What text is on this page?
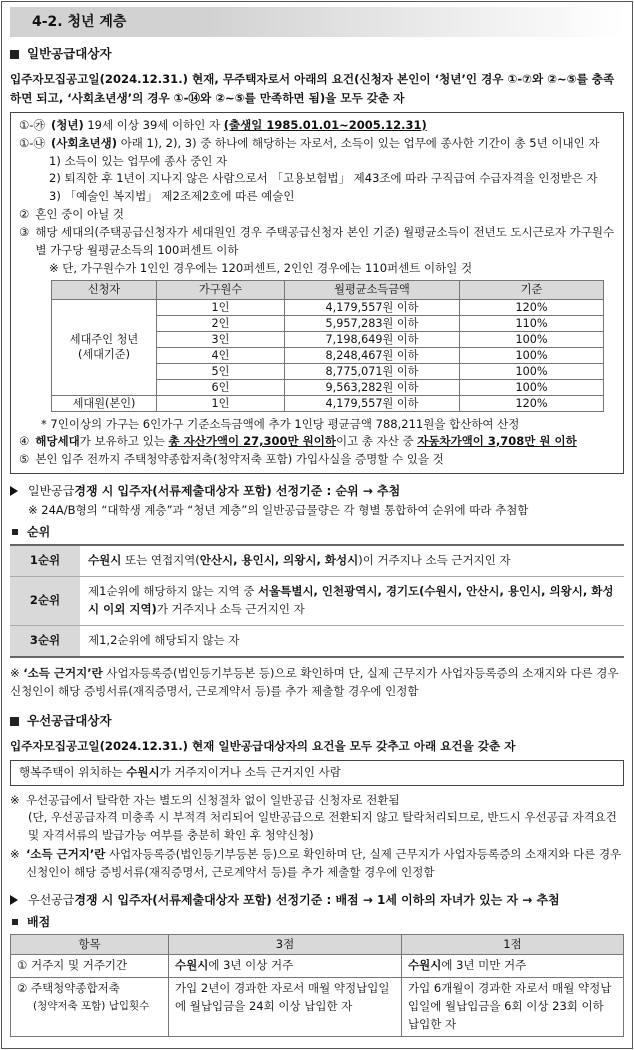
4-2. 청년 계층
일반공급대상자
입주자모집공고일(2024.12.31.) 현재, 무주택자로서 아래의 요건(신청자 본인이 ‘청년’인 경우 ①-⑦와 ②~⑤를 충족하면 되고, ‘사회초년생’의 경우 ①-⑭와 ②~⑤를 만족하면 됨)을 모두 갖춘 자
①-㉮ (청년) 19세 이상 39세 이하인 자 (출생일 1985.01.01~2005.12.31)
①-㉯ (사회초년생) 아래 1), 2), 3) 중 하나에 해당하는 자로서, 소득이 있는 업무에 종사한 기간이 총 5년 이내인 자
1) 소득이 있는 업무에 종사 중인 자
2) 퇴직한 후 1년이 지나지 않은 사람으로서 「고용보험법」 제43조에 따라 구직급여 수급자격을 인정받은 자
3) 「예술인 복지법」 제2조제2호에 따른 예술인
② 혼인 중이 아닐 것
③ 해당 세대의(주택공급신청자가 세대원인 경우 주택공급신청자 본인 기준) 월평균소득이 전년도 도시근로자 가구원수별 가구당 월평균소득의 100퍼센트 이하
※ 단, 가구원수가 1인인 경우에는 120퍼센트, 2인인 경우에는 110퍼센트 이하일 것
신청자	가구원수	월평균소득금액	기준

세대주인 청년
(세대기준)	1인	4,179,557원 이하	120%
	2인	5,957,283원 이하	110%
	3인	7,198,649원 이하	100%
	4인	8,248,467원 이하	100%
	5인	8,775,071원 이하	100%
	6인	9,563,282원 이하	100%
세대원(본인)	1인	4,179,557원 이하	120%
* 7인이상의 가구는 6인가구 기준소득금액에 추가 1인당 평균금액 788,211원을 합산하여 산정
④ 해당세대가 보유하고 있는 총 자산가액이 27,300만 원이하이고 총 자산 중 자동차가액이 3,708만 원 이하
⑤ 본인 입주 전까지 주택청약종합저축(청약저축 포함) 가입사실을 증명할 수 있을 것
일반공급 경쟁 시 입주자(서류제출대상자 포함) 선정기준 : 순위 → 추첨
※ 24A/B형의 “대학생 계층”과 “청년 계층”의 일반공급물량은 각 형별 통합하여 순위에 따라 추첨함
순위
1순위	수원시 또는 연접지역(안산시, 용인시, 의왕시, 화성시)이 거주지나 소득 근거지인 자
2순위	제1순위에 해당하지 않는 지역 중 서울특별시, 인천광역시, 경기도(수원시, 안산시, 용인시, 의왕시, 화성시 이외 지역)가 거주지나 소득 근거지인 자
3순위	제1,2순위에 해당되지 않는 자
※ ‘소득 근거지’란 사업자등록증(법인등기부등본 등)으로 확인하며 단, 실제 근무지가 사업자등록증의 소재지와 다른 경우 신청인이 해당 증빙서류(재직증명서, 근로계약서 등)를 추가 제출할 경우에 인정함
우선공급대상자
입주자모집공고일(2024.12.31.) 현재 일반공급대상자의 요건을 모두 갖추고 아래 요건을 갖춘 자
행복주택이 위치하는 수원시가 거주지이거나 소득 근거지인 사람
※ 우선공급에서 탈락한 자는 별도의 신청절차 없이 일반공급 신청자로 전환됨
(단, 우선공급자격 미충족 시 부적격 처리되어 일반공급으로 전환되지 않고 탈락처리되므로, 반드시 우선공급 자격요건 및 자격서류의 발급가능 여부를 충분히 확인 후 청약신청)
※ ‘소득 근거지’란 사업자등록증(법인등기부등본 등)으로 확인하며 단, 실제 근무지가 사업자등록증의 소재지와 다른 경우 신청인이 해당 증빙서류(재직증명서, 근로계약서 등)를 추가 제출할 경우에 인정함
우선공급 경쟁 시 입주자(서류제출대상자 포함) 선정기준 : 배점 → 1세 이하의 자녀가 있는 자 → 추첨
배점
항목	3점	1점
① 거주지 및 거주기간	수원시에 3년 이상 거주	수원시에 3년 미만 거주

② 주택청약종합저축
(청약저축 포함) 납입횟수	가입 2년이 경과한 자로서 매월 약정납입일에 월납입금을 24회 이상 납입한 자	가입 6개월이 경과한 자로서 매월 약정납입일에 월납입금을 6회 이상 23회 이하 납입한 자
